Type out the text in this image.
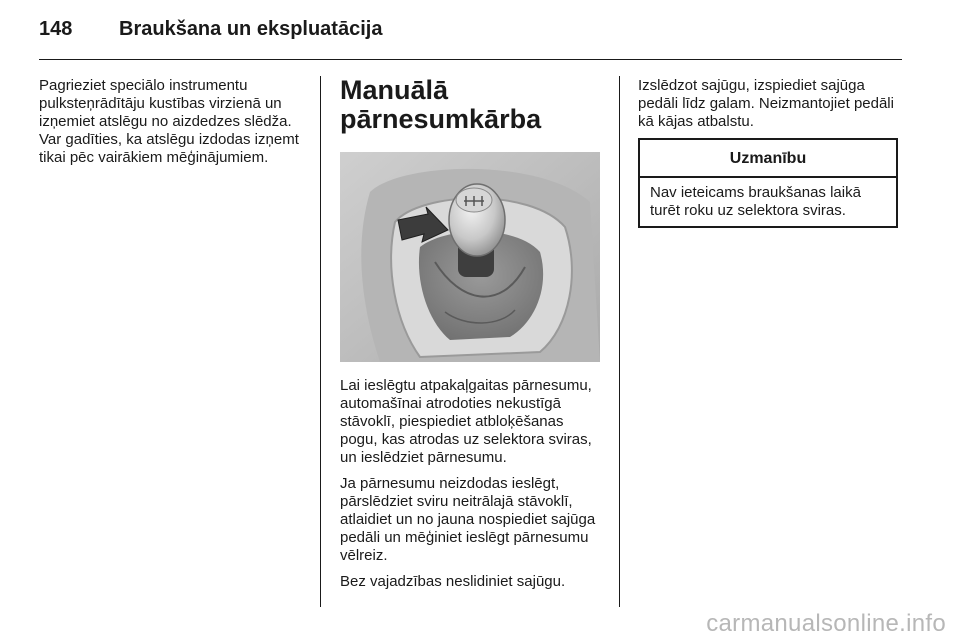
148	Braukšana un ekspluatācija

Pagrieziet speciālo instrumentu pulksteņrādītāju kustības virzienā un izņemiet atslēgu no aizdedzes slēdža. Var gadīties, ka atslēgu izdodas izņemt tikai pēc vairākiem mēģinājumiem.

Manuālā
pārnesumkārba

Lai ieslēgtu atpakaļgaitas pārnesumu, automašīnai atrodoties nekustīgā stāvoklī, piespiediet atbloķēšanas pogu, kas atrodas uz selektora sviras, un ieslēdziet pārnesumu.

Ja pārnesumu neizdodas ieslēgt, pārslēdziet sviru neitrālajā stāvoklī, atlaidiet un no jauna nospiediet sajūga pedāli un mēģiniet ieslēgt pārnesumu vēlreiz.

Bez vajadzības neslidiniet sajūgu.

Izslēdzot sajūgu, izspiediet sajūga pedāli līdz galam. Neizmantojiet pedāli kā kājas atbalstu.

Uzmanību
Nav ieteicams braukšanas laikā turēt roku uz selektora sviras.
carmanualsonline.info
